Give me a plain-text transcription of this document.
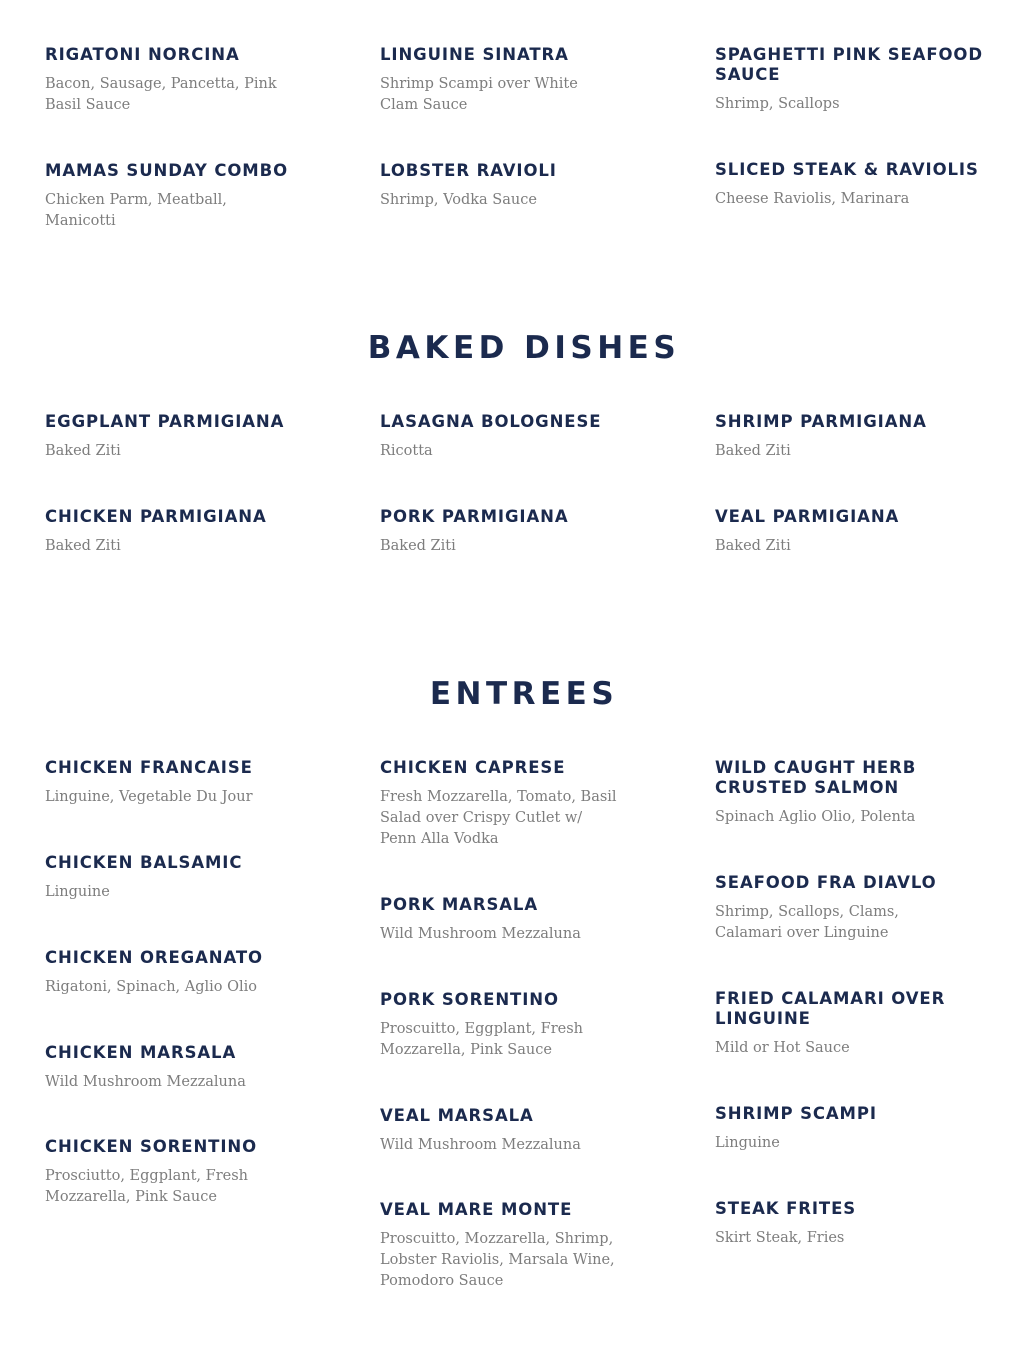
RIGATONI NORCINA

Bacon, Sausage, Pancetta, Pink Basil Sauce

LINGUINE SINATRA

Shrimp Scampi over White Clam Sauce

SPAGHETTI PINK SEAFOOD SAUCE

Shrimp, Scallops

MAMAS SUNDAY COMBO

Chicken Parm, Meatball, Manicotti

LOBSTER RAVIOLI

Shrimp, Vodka Sauce

SLICED STEAK & RAVIOLIS

Cheese Raviolis, Marinara
BAKED DISHES

EGGPLANT PARMIGIANA

Baked Ziti

LASAGNA BOLOGNESE

Ricotta

SHRIMP PARMIGIANA

Baked Ziti

CHICKEN PARMIGIANA

Baked Ziti

PORK PARMIGIANA

Baked Ziti

VEAL PARMIGIANA

Baked Ziti
ENTREES

CHICKEN FRANCAISE

Linguine, Vegetable Du Jour

CHICKEN BALSAMIC

Linguine

CHICKEN OREGANATO

Rigatoni, Spinach, Aglio Olio

CHICKEN MARSALA

Wild Mushroom Mezzaluna

CHICKEN SORENTINO

Prosciutto, Eggplant, Fresh Mozzarella, Pink Sauce

CHICKEN CAPRESE

Fresh Mozzarella, Tomato, Basil Salad over Crispy Cutlet w/ Penn Alla Vodka

PORK MARSALA

Wild Mushroom Mezzaluna

PORK SORENTINO

Proscuitto, Eggplant, Fresh Mozzarella, Pink Sauce

VEAL MARSALA

Wild Mushroom Mezzaluna

VEAL MARE MONTE

Proscuitto, Mozzarella, Shrimp, Lobster Raviolis, Marsala Wine, Pomodoro Sauce

WILD CAUGHT HERB CRUSTED SALMON

Spinach Aglio Olio, Polenta

SEAFOOD FRA DIAVLO

Shrimp, Scallops, Clams, Calamari over Linguine

FRIED CALAMARI OVER LINGUINE

Mild or Hot Sauce

SHRIMP SCAMPI

Linguine

STEAK FRITES

Skirt Steak, Fries
